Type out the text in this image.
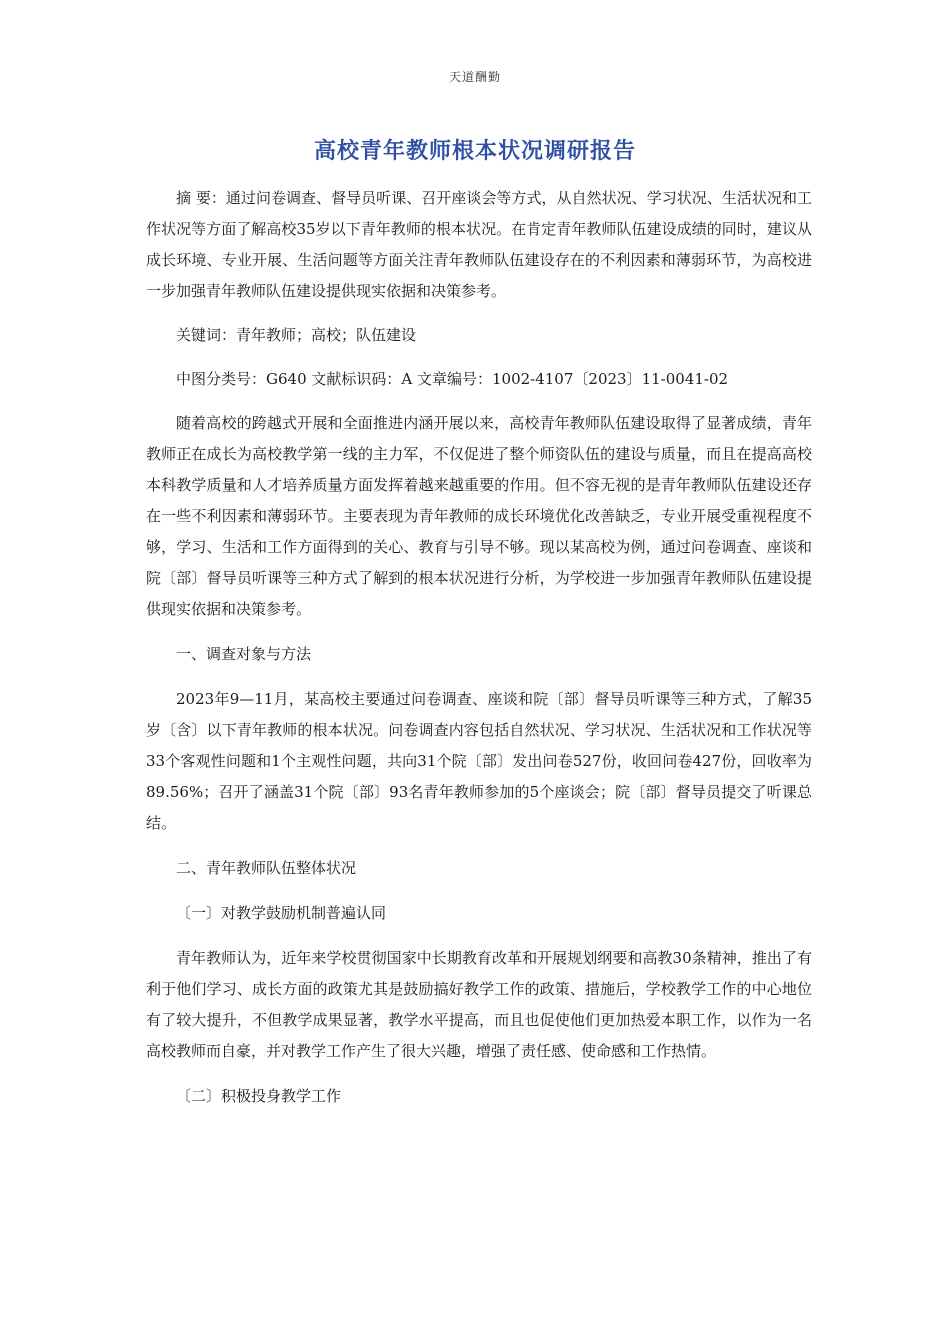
天道酬勤
高校青年教师根本状况调研报告

摘 要：通过问卷调查、督导员听课、召开座谈会等方式，从自然状况、学习状况、生活状况和工作状况等方面了解高校35岁以下青年教师的根本状况。在肯定青年教师队伍建设成绩的同时，建议从成长环境、专业开展、生活问题等方面关注青年教师队伍建设存在的不利因素和薄弱环节，为高校进一步加强青年教师队伍建设提供现实依据和决策参考。

关键词：青年教师；高校；队伍建设

中图分类号：G640 文献标识码：A 文章编号：1002-4107〔2023〕11-0041-02

随着高校的跨越式开展和全面推进内涵开展以来，高校青年教师队伍建设取得了显著成绩，青年教师正在成长为高校教学第一线的主力军，不仅促进了整个师资队伍的建设与质量，而且在提高高校本科教学质量和人才培养质量方面发挥着越来越重要的作用。但不容无视的是青年教师队伍建设还存在一些不利因素和薄弱环节。主要表现为青年教师的成长环境优化改善缺乏，专业开展受重视程度不够，学习、生活和工作方面得到的关心、教育与引导不够。现以某高校为例，通过问卷调查、座谈和院〔部〕督导员听课等三种方式了解到的根本状况进行分析，为学校进一步加强青年教师队伍建设提供现实依据和决策参考。

一、调查对象与方法

2023年9—11月，某高校主要通过问卷调查、座谈和院〔部〕督导员听课等三种方式，了解35岁〔含〕以下青年教师的根本状况。问卷调查内容包括自然状况、学习状况、生活状况和工作状况等33个客观性问题和1个主观性问题，共向31个院〔部〕发出问卷527份，收回问卷427份，回收率为89.56%；召开了涵盖31个院〔部〕93名青年教师参加的5个座谈会；院〔部〕督导员提交了听课总结。

二、青年教师队伍整体状况

〔一〕对教学鼓励机制普遍认同

青年教师认为，近年来学校贯彻国家中长期教育改革和开展规划纲要和高教30条精神，推出了有利于他们学习、成长方面的政策尤其是鼓励搞好教学工作的政策、措施后，学校教学工作的中心地位有了较大提升，不但教学成果显著，教学水平提高，而且也促使他们更加热爱本职工作，以作为一名高校教师而自豪，并对教学工作产生了很大兴趣，增强了责任感、使命感和工作热情。

〔二〕积极投身教学工作
